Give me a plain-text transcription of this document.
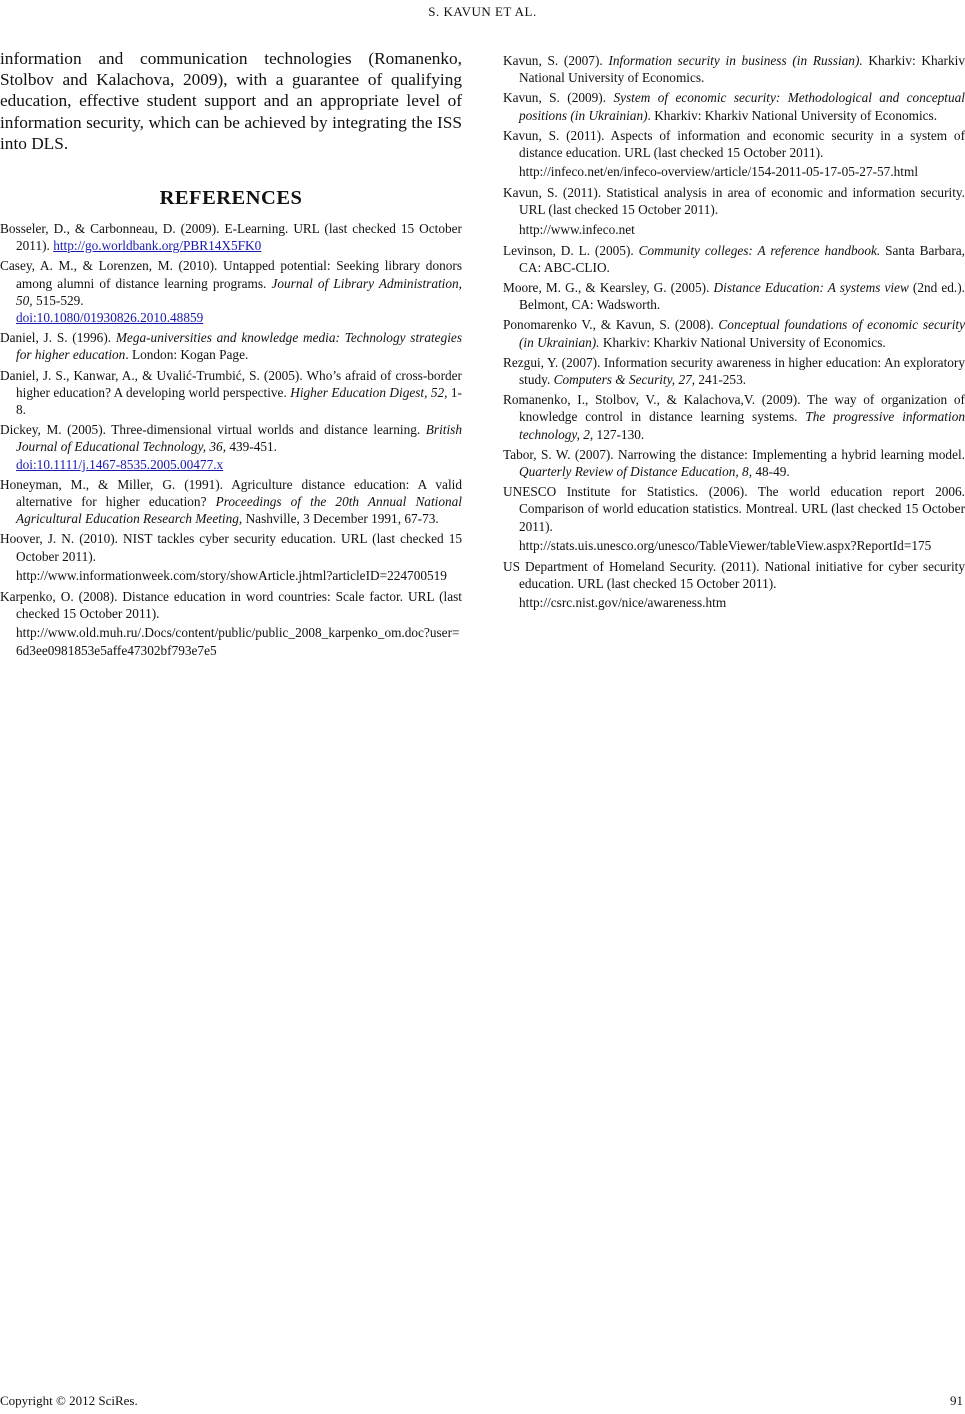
S. KAVUN ET AL.

information and communication technologies (Romanenko, Stolbov and Kalachova, 2009), with a guarantee of qualifying education, effective student support and an appropriate level of information security, which can be achieved by integrating the ISS into DLS.

REFERENCES
Bosseler, D., & Carbonneau, D. (2009). E-Learning. URL (last checked 15 October 2011). http://go.worldbank.org/PBR14X5FK0
Casey, A. M., & Lorenzen, M. (2010). Untapped potential: Seeking library donors among alumni of distance learning programs. Journal of Library Administration, 50, 515-529.
doi:10.1080/01930826.2010.48859
Daniel, J. S. (1996). Mega-universities and knowledge media: Technology strategies for higher education. London: Kogan Page.
Daniel, J. S., Kanwar, A., & Uvalić-Trumbić, S. (2005). Who’s afraid of cross-border higher education? A developing world perspective. Higher Education Digest, 52, 1-8.
Dickey, M. (2005). Three-dimensional virtual worlds and distance learning. British Journal of Educational Technology, 36, 439-451.
doi:10.1111/j.1467-8535.2005.00477.x
Honeyman, M., & Miller, G. (1991). Agriculture distance education: A valid alternative for higher education? Proceedings of the 20th Annual National Agricultural Education Research Meeting, Nashville, 3 December 1991, 67-73.
Hoover, J. N. (2010). NIST tackles cyber security education. URL (last checked 15 October 2011).
http://www.informationweek.com/story/showArticle.jhtml?articleID=224700519
Karpenko, O. (2008). Distance education in word countries: Scale factor. URL (last checked 15 October 2011).
http://www.old.muh.ru/.Docs/content/public/public_2008_karpenko_om.doc?user=6d3ee0981853e5affe47302bf793e7e5
Kavun, S. (2007). Information security in business (in Russian). Kharkiv: Kharkiv National University of Economics.
Kavun, S. (2009). System of economic security: Methodological and conceptual positions (in Ukrainian). Kharkiv: Kharkiv National University of Economics.
Kavun, S. (2011). Aspects of information and economic security in a system of distance education. URL (last checked 15 October 2011).
http://infeco.net/en/infeco-overview/article/154-2011-05-17-05-27-57.html
Kavun, S. (2011). Statistical analysis in area of economic and information security. URL (last checked 15 October 2011).
http://www.infeco.net
Levinson, D. L. (2005). Community colleges: A reference handbook. Santa Barbara, CA: ABC-CLIO.
Moore, M. G., & Kearsley, G. (2005). Distance Education: A systems view (2nd ed.). Belmont, CA: Wadsworth.
Ponomarenko V., & Kavun, S. (2008). Conceptual foundations of economic security (in Ukrainian). Kharkiv: Kharkiv National University of Economics.
Rezgui, Y. (2007). Information security awareness in higher education: An exploratory study. Computers & Security, 27, 241-253.
Romanenko, I., Stolbov, V., & Kalachova,V. (2009). The way of organization of knowledge control in distance learning systems. The progressive information technology, 2, 127-130.
Tabor, S. W. (2007). Narrowing the distance: Implementing a hybrid learning model. Quarterly Review of Distance Education, 8, 48-49.
UNESCO Institute for Statistics. (2006). The world education report 2006. Comparison of world education statistics. Montreal. URL (last checked 15 October 2011).
http://stats.uis.unesco.org/unesco/TableViewer/tableView.aspx?ReportId=175
US Department of Homeland Security. (2011). National initiative for cyber security education. URL (last checked 15 October 2011).
http://csrc.nist.gov/nice/awareness.htm
Copyright © 2012 SciRes.	91
